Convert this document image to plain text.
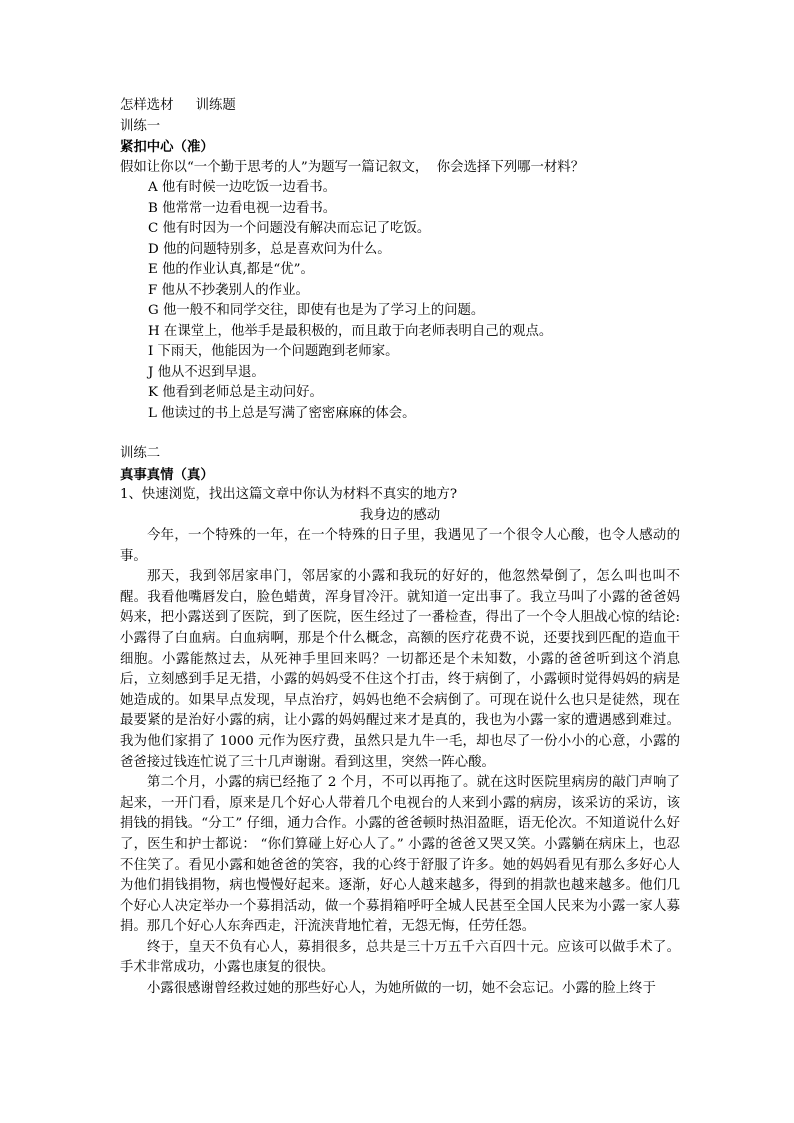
怎样选材 训练题
训练一
紧扣中心（准）
假如让你以“一个勤于思考的人”为题写一篇记叙文，  你会选择下列哪一材料？
A 他有时候一边吃饭一边看书。
B 他常常一边看电视一边看书。
C 他有时因为一个问题没有解决而忘记了吃饭。
D 他的问题特别多，总是喜欢问为什么。
E 他的作业认真,都是“优”。
F 他从不抄袭别人的作业。
G 他一般不和同学交往，即使有也是为了学习上的问题。
H 在课堂上，他举手是最积极的，而且敢于向老师表明自己的观点。
I 下雨天，他能因为一个问题跑到老师家。
J 他从不迟到早退。
K 他看到老师总是主动问好。
L 他读过的书上总是写满了密密麻麻的体会。
训练二
真事真情（真）
1、快速浏览，找出这篇文章中你认为材料不真实的地方?
我身边的感动
今年，一个特殊的一年，在一个特殊的日子里，我遇见了一个很令人心酸，也令人感动的事。
那天，我到邻居家串门，邻居家的小露和我玩的好好的，他忽然晕倒了，怎么叫也叫不醒。我看他嘴唇发白，脸色蜡黄，浑身冒冷汗。就知道一定出事了。我立马叫了小露的爸爸妈妈来，把小露送到了医院，到了医院，医生经过了一番检查，得出了一个令人胆战心惊的结论: 小露得了白血病。白血病啊，那是个什么概念，高额的医疗花费不说，还要找到匹配的造血干细胞。小露能熬过去，从死神手里回来吗？一切都还是个未知数，小露的爸爸听到这个消息后，立刻感到手足无措，小露的妈妈受不住这个打击，终于病倒了，小露顿时觉得妈妈的病是她造成的。如果早点发现，早点治疗，妈妈也绝不会病倒了。可现在说什么也只是徒然，现在最要紧的是治好小露的病，让小露的妈妈醒过来才是真的，我也为小露一家的遭遇感到难过。我为他们家捐了 1000 元作为医疗费，虽然只是九牛一毛，却也尽了一份小小的心意，小露的爸爸接过钱连忙说了三十几声谢谢。看到这里，突然一阵心酸。
第二个月，小露的病已经拖了 2 个月，不可以再拖了。就在这时医院里病房的敲门声响了起来，一开门看，原来是几个好心人带着几个电视台的人来到小露的病房，该采访的采访，该捐钱的捐钱。“分工” 仔细，通力合作。小露的爸爸顿时热泪盈眶，语无伦次。不知道说什么好了，医生和护士都说： “你们算碰上好心人了。” 小露的爸爸又哭又笑。小露躺在病床上，也忍不住笑了。看见小露和她爸爸的笑容，我的心终于舒服了许多。她的妈妈看见有那么多好心人为他们捐钱捐物，病也慢慢好起来。逐渐，好心人越来越多，得到的捐款也越来越多。他们几个好心人决定举办一个募捐活动，做一个募捐箱呼吁全城人民甚至全国人民来为小露一家人募捐。那几个好心人东奔西走，汗流浃背地忙着，无怨无悔，任劳任怨。
终于，皇天不负有心人，募捐很多，总共是三十万五千六百四十元。应该可以做手术了。手术非常成功，小露也康复的很快。
小露很感谢曾经救过她的那些好心人，为她所做的一切，她不会忘记。小露的脸上终于
